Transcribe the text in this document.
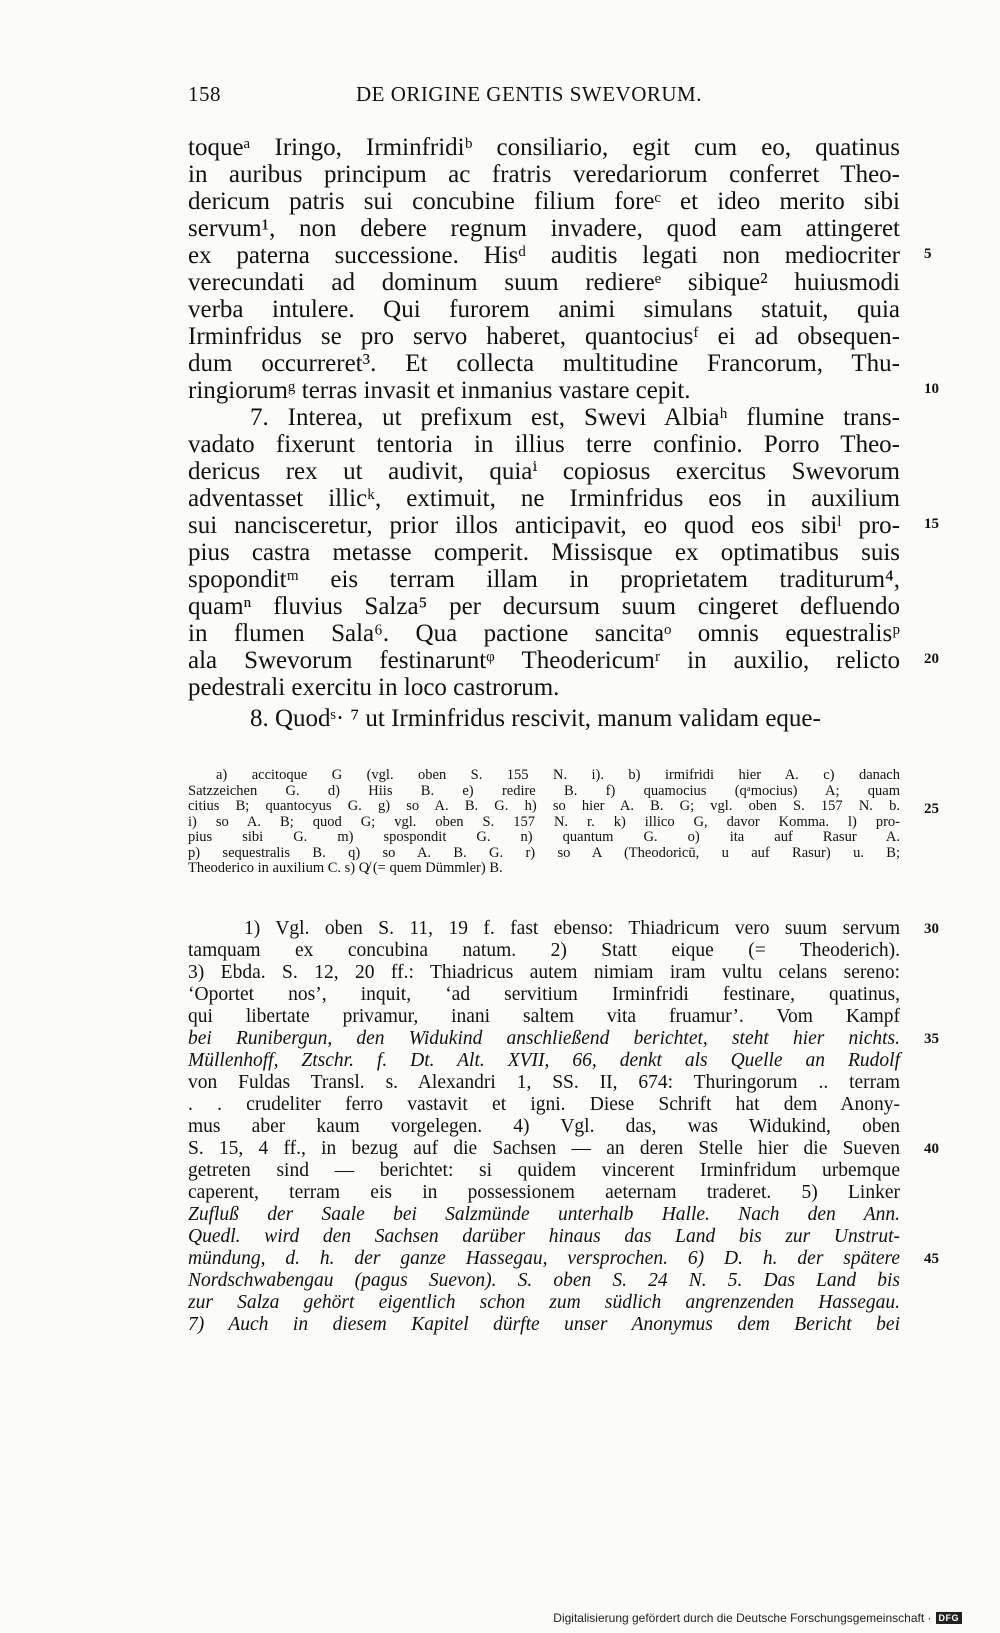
158	DE ORIGINE GENTIS SWEVORUM.
toqueᵃ Iringo, Irminfridiᵇ consiliario, egit cum eo, quatinus
in auribus principum ac fratris veredariorum conferret Theo-
dericum patris sui concubine filium foreᶜ et ideo merito sibi
servum¹, non debere regnum invadere, quod eam attingeret
ex paterna successione. Hisᵈ auditis legati non mediocriter
verecundati ad dominum suum rediereᵉ sibique² huiusmodi
verba intulere. Qui furorem animi simulans statuit, quia
Irminfridus se pro servo haberet, quantociusᶠ ei ad obsequen-
dum occurreret³. Et collecta multitudine Francorum, Thu-
ringiorumᵍ terras invasit et inmanius vastare cepit.
7. Interea, ut prefixum est, Swevi Albiaʰ flumine trans-
vadato fixerunt tentoria in illius terre confinio. Porro Theo-
dericus rex ut audivit, quiaⁱ copiosus exercitus Swevorum
adventasset illicᵏ, extimuit, ne Irminfridus eos in auxilium
sui nancisceretur, prior illos anticipavit, eo quod eos sibiˡ pro-
pius castra metasse comperit. Missisque ex optimatibus suis
spoponditᵐ eis terram illam in proprietatem traditurum⁴,
quamⁿ fluvius Salza⁵ per decursum suum cingeret defluendo
in flumen Sala⁶. Qua pactione sancitaᵒ omnis equestralisᵖ
ala Swevorum festinaruntᵠ Theodericumʳ in auxilio, relicto
pedestrali exercitu in loco castrorum.
8. Quodˢ· ⁷ ut Irminfridus rescivit, manum validam eque-
a) accitoque G (vgl. oben S. 155 N. i). b) irmifridi hier A. c) danach
Satzzeichen G. d) Hiis B. e) redire B. f) quamocius (qᵃmocius) A; quam
citius B; quantocyus G. g) so A. B. G. h) so hier A. B. G; vgl. oben S. 157 N. b.
i) so A. B; quod G; vgl. oben S. 157 N. r. k) illico G, davor Komma. l) pro-
pius sibi G. m) spospondit G. n) quantum G. o) ita auf Rasur A.
p) sequestralis B. q) so A. B. G. r) so A (Theodoricū, u auf Rasur) u. B;
Theoderico in auxilium C. s) Q̸ (= quem Dümmler) B.
1) Vgl. oben S. 11, 19 f. fast ebenso: Thiadricum vero suum servum
tamquam ex concubina natum. 2) Statt eique (= Theoderich).
3) Ebda. S. 12, 20 ff.: Thiadricus autem nimiam iram vultu celans sereno:
‘Oportet nos’, inquit, ‘ad servitium Irminfridi festinare, quatinus,
qui libertate privamur, inani saltem vita fruamur’. Vom Kampf
bei Runibergun, den Widukind anschließend berichtet, steht hier nichts.
Müllenhoff, Ztschr. f. Dt. Alt. XVII, 66, denkt als Quelle an Rudolf
von Fuldas Transl. s. Alexandri 1, SS. II, 674: Thuringorum .. terram
. . crudeliter ferro vastavit et igni. Diese Schrift hat dem Anony-
mus aber kaum vorgelegen. 4) Vgl. das, was Widukind, oben
S. 15, 4 ff., in bezug auf die Sachsen — an deren Stelle hier die Sueven
getreten sind — berichtet: si quidem vincerent Irminfridum urbemque
caperent, terram eis in possessionem aeternam traderet. 5) Linker
Zufluß der Saale bei Salzmünde unterhalb Halle. Nach den Ann.
Quedl. wird den Sachsen darüber hinaus das Land bis zur Unstrut-
mündung, d. h. der ganze Hassegau, versprochen. 6) D. h. der spätere
Nordschwabengau (pagus Suevon). S. oben S. 24 N. 5. Das Land bis
zur Salza gehört eigentlich schon zum südlich angrenzenden Hassegau.
7) Auch in diesem Kapitel dürfte unser Anonymus dem Bericht bei
5
10
15
20
25
30
35
40
45
Digitalisierung gefördert durch die Deutsche Forschungsgemeinschaft · DFG
